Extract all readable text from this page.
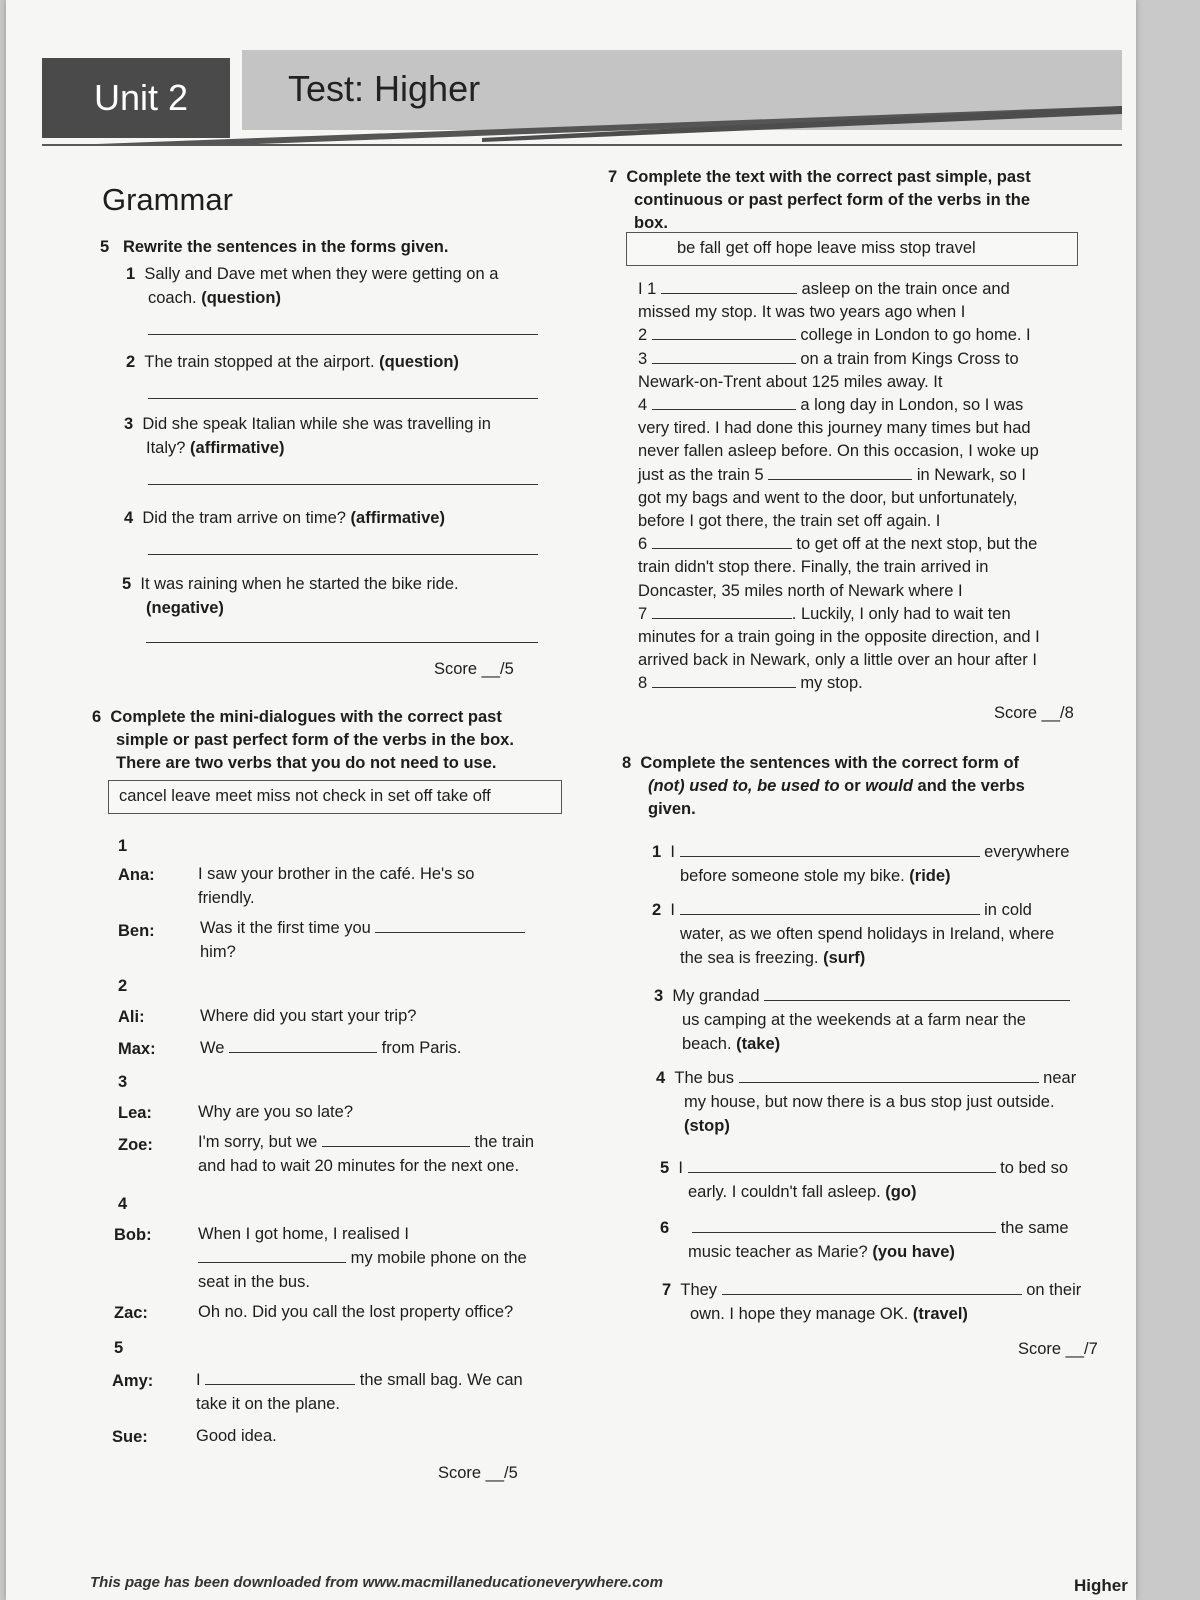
Unit 2	Test: Higher
Grammar
5 Rewrite the sentences in the forms given.
1 Sally and Dave met when they were getting on a
coach. (question)
2 The train stopped at the airport. (question)
3 Did she speak Italian while she was travelling in
Italy? (affirmative)
4 Did the tram arrive on time? (affirmative)
5 It was raining when he started the bike ride.
(negative)
Score __/5
6 Complete the mini-dialogues with the correct past
simple or past perfect form of the verbs in the box.
There are two verbs that you do not need to use.
cancel leave meet miss not check in set off take off
1
Ana:	I saw your brother in the café. He's so
friendly.
Ben:	Was it the first time you
him?
2
Ali:	Where did you start your trip?
Max:	We	from Paris.
3
Lea:	Why are you so late?
Zoe:	I'm sorry, but we	the train
and had to wait 20 minutes for the next one.
4
Bob:	When I got home, I realised I
my mobile phone on the
seat in the bus.
Zac:	Oh no. Did you call the lost property office?
5
Amy:	I	the small bag. We can
take it on the plane.
Sue:	Good idea.
Score __/5
7 Complete the text with the correct past simple, past
continuous or past perfect form of the verbs in the
box.
be fall get off hope leave miss stop travel
I 1	asleep on the train once and
missed my stop. It was two years ago when I
2	college in London to go home. I
3	on a train from Kings Cross to
Newark-on-Trent about 125 miles away. It
4	a long day in London, so I was
very tired. I had done this journey many times but had
never fallen asleep before. On this occasion, I woke up
just as the train 5	in Newark, so I
got my bags and went to the door, but unfortunately,
before I got there, the train set off again. I
6	to get off at the next stop, but the
train didn't stop there. Finally, the train arrived in
Doncaster, 35 miles north of Newark where I
7	. Luckily, I only had to wait ten
minutes for a train going in the opposite direction, and I
arrived back in Newark, only a little over an hour after I
8	my stop.
Score __/8
8 Complete the sentences with the correct form of
(not) used to, be used to or would and the verbs
given.
1 I	everywhere
before someone stole my bike. (ride)
2 I	in cold
water, as we often spend holidays in Ireland, where
the sea is freezing. (surf)
3 My grandad
us camping at the weekends at a farm near the
beach. (take)
4 The bus	near
my house, but now there is a bus stop just outside.
(stop)
5 I	to bed so
early. I couldn't fall asleep. (go)
6	the same
music teacher as Marie? (you have)
7 They	on their
own. I hope they manage OK. (travel)
Score __/7
This page has been downloaded from www.macmillaneducationeverywhere.com	Higher
